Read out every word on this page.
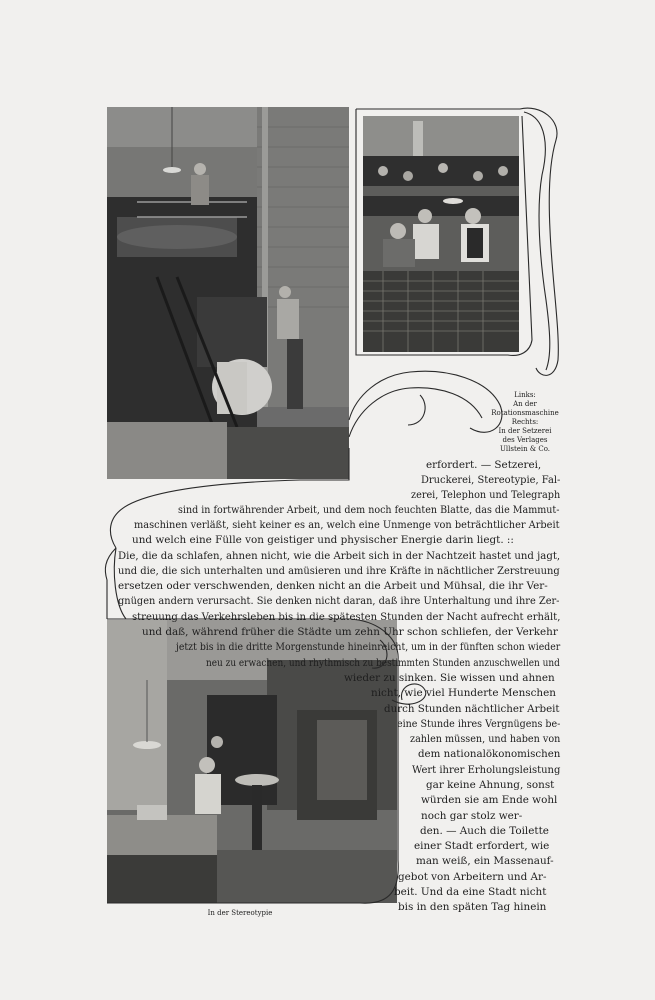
Links:
An der
Rotationsmaschine
Rechts:
In der Setzerei
des Verlages
Ullstein & Co.
In der Stereotypie
erfordert. — Setzerei,
Druckerei, Stereotypie, Fal-
zerei, Telephon und Telegraph
sind in fortwährender Arbeit, und dem noch feuchten Blatte, das die Mammut-
maschinen verläßt, sieht keiner es an, welch eine Unmenge von beträchtlicher Arbeit
und welch eine Fülle von geistiger und physischer Energie darin liegt. ::
Die, die da schlafen, ahnen nicht, wie die Arbeit sich in der Nachtzeit hastet und jagt,
und die, die sich unterhalten und amüsieren und ihre Kräfte in nächtlicher Zerstreuung
ersetzen oder verschwenden, denken nicht an die Arbeit und Mühsal, die ihr Ver-
gnügen andern verursacht. Sie denken nicht daran, daß ihre Unterhaltung und ihre Zer-
streuung das Verkehrsleben bis in die spätesten Stunden der Nacht aufrecht erhält,
und daß, während früher die Städte um zehn Uhr schon schliefen, der Verkehr
jetzt bis in die dritte Morgenstunde hineinreicht, um in der fünften schon wieder
neu zu erwachen, und rhythmisch zu bestimmten Stunden anzuschwellen und
wieder zu sinken. Sie wissen und ahnen
nicht, wie viel Hunderte Menschen
durch Stunden nächtlicher Arbeit
eine Stunde ihres Vergnügens be-
zahlen müssen, und haben von
dem nationalökonomischen
Wert ihrer Erholungsleistung
gar keine Ahnung, sonst
würden sie am Ende wohl
noch gar stolz wer-
den. — Auch die Toilette
einer Stadt erfordert, wie
man weiß, ein Massenauf-
gebot von Arbeitern und Ar-
beit. Und da eine Stadt nicht
bis in den späten Tag hinein
